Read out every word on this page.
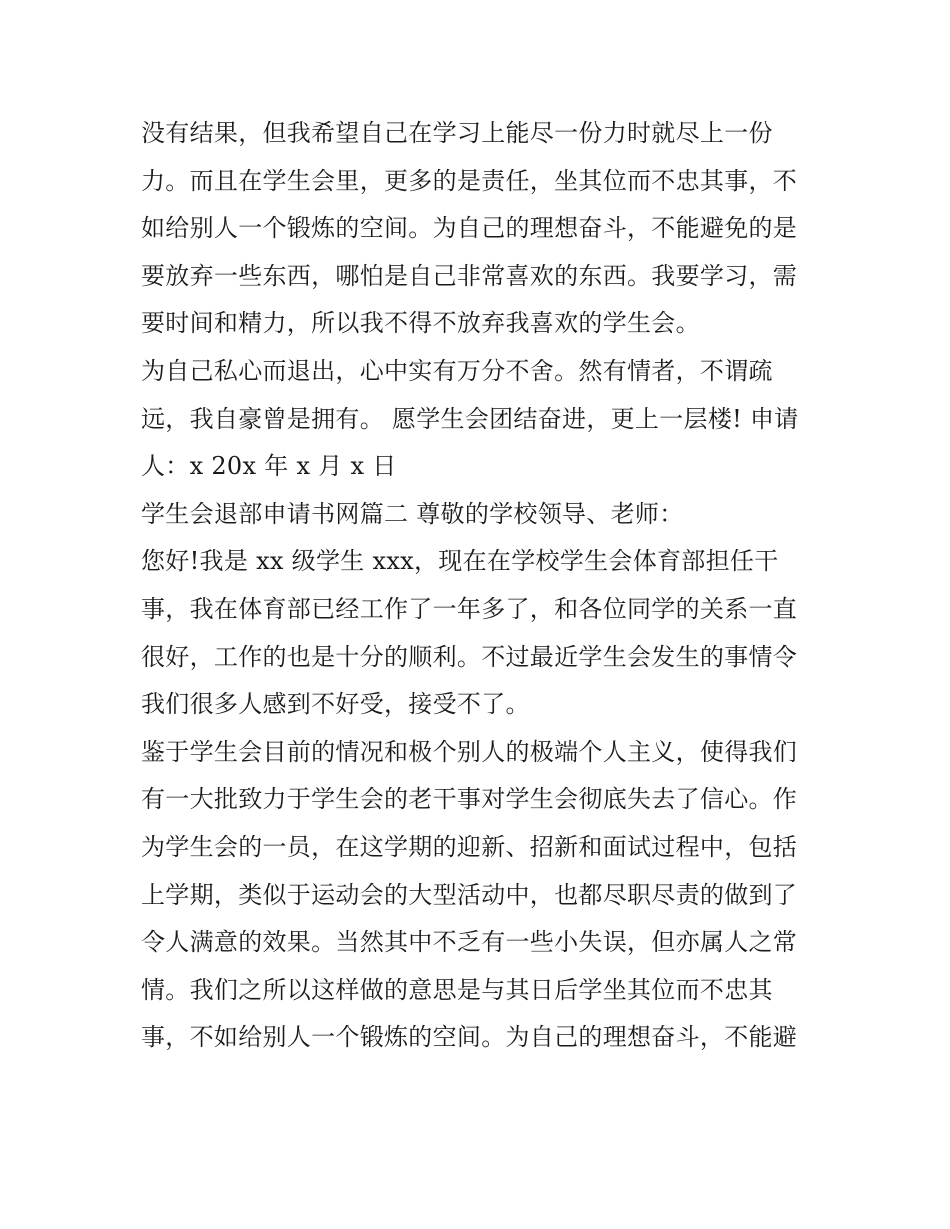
没有结果，但我希望自己在学习上能尽一份力时就尽上一份
力。而且在学生会里，更多的是责任，坐其位而不忠其事，不
如给别人一个锻炼的空间。为自己的理想奋斗，不能避免的是
要放弃一些东西，哪怕是自己非常喜欢的东西。我要学习，需
要时间和精力，所以我不得不放弃我喜欢的学生会。
为自己私心而退出，心中实有万分不舍。然有情者，不谓疏
远，我自豪曾是拥有。 愿学生会团结奋进，更上一层楼! 申请
人：x 20x 年 x 月 x 日
学生会退部申请书网篇二 尊敬的学校领导、老师：
您好!我是 xx 级学生 xxx，现在在学校学生会体育部担任干
事，我在体育部已经工作了一年多了，和各位同学的关系一直
很好，工作的也是十分的顺利。不过最近学生会发生的事情令
我们很多人感到不好受，接受不了。
鉴于学生会目前的情况和极个别人的极端个人主义，使得我们
有一大批致力于学生会的老干事对学生会彻底失去了信心。作
为学生会的一员，在这学期的迎新、招新和面试过程中，包括
上学期，类似于运动会的大型活动中，也都尽职尽责的做到了
令人满意的效果。当然其中不乏有一些小失误，但亦属人之常
情。我们之所以这样做的意思是与其日后学坐其位而不忠其
事，不如给别人一个锻炼的空间。为自己的理想奋斗，不能避
